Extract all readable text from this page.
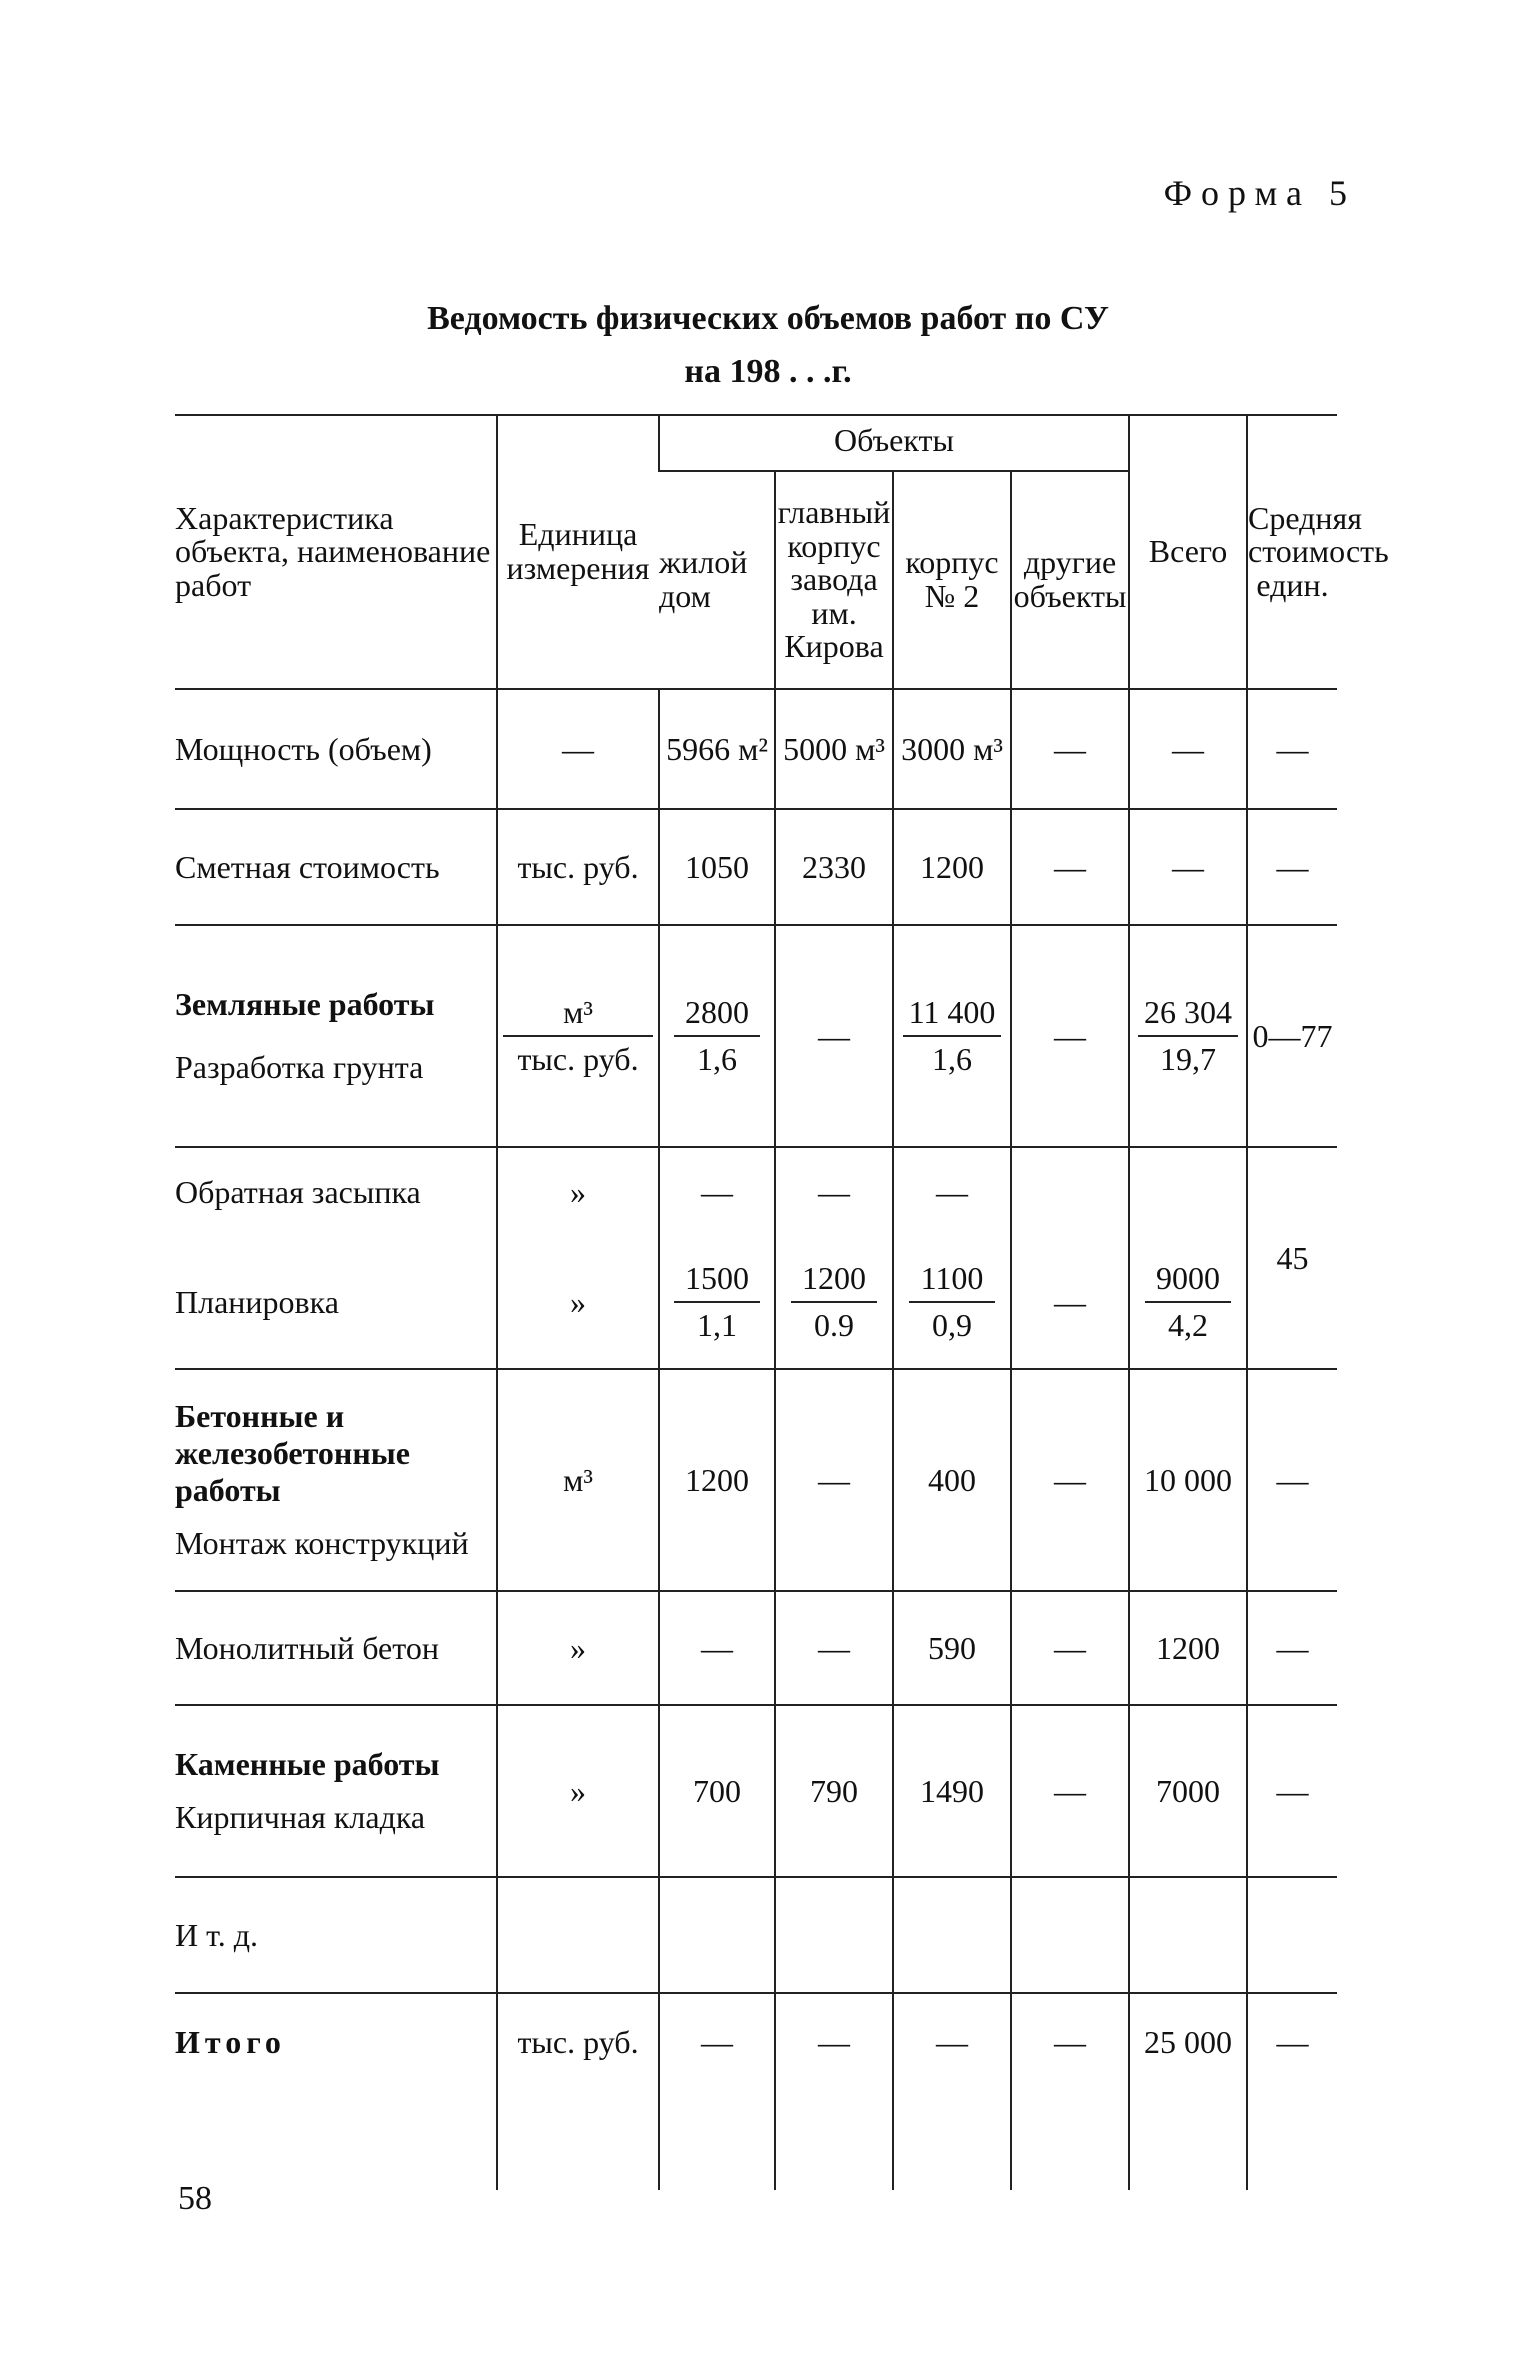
Форма 5
Ведомость физических объемов работ по СУ
на 198 . . .г.
Характеристика объекта, наименование работ	Единица измерения	Объекты				Всего	Средняя стоимость един.
		жилой дом	главный корпус завода им. Кирова	корпус № 2	другие объекты		
Мощность (объем)	—	5966 м²	5000 м³	3000 м³	—	—	—
Сметная стоимость	тыс. руб.	1050	2330	1200	—	—	—

Земляные работы
Разработка грунта	$\frac{\text{м³}}{\text{тыс. руб.}}$	$\frac{2800}{1,6}$	—	$\frac{11 400}{1,6}$	—	$\frac{26 304}{19,7}$	0—77
Обратная засыпка	»	—	—	—			45
Планировка	»	$\frac{1500}{1,1}$	$\frac{1200}{0.9}$	$\frac{1100}{0,9}$	—	$\frac{9000}{4,2}$

Бетонные и железобетонные работы
Монтаж конструкций	м³	1200	—	400	—	10 000	—
Монолитный бетон	»	—	—	590	—	1200	—

Каменные работы
Кирпичная кладка	»	700	790	1490	—	7000	—
И т. д.							
Итого	тыс. руб.	—	—	—	—	25 000	—
58
